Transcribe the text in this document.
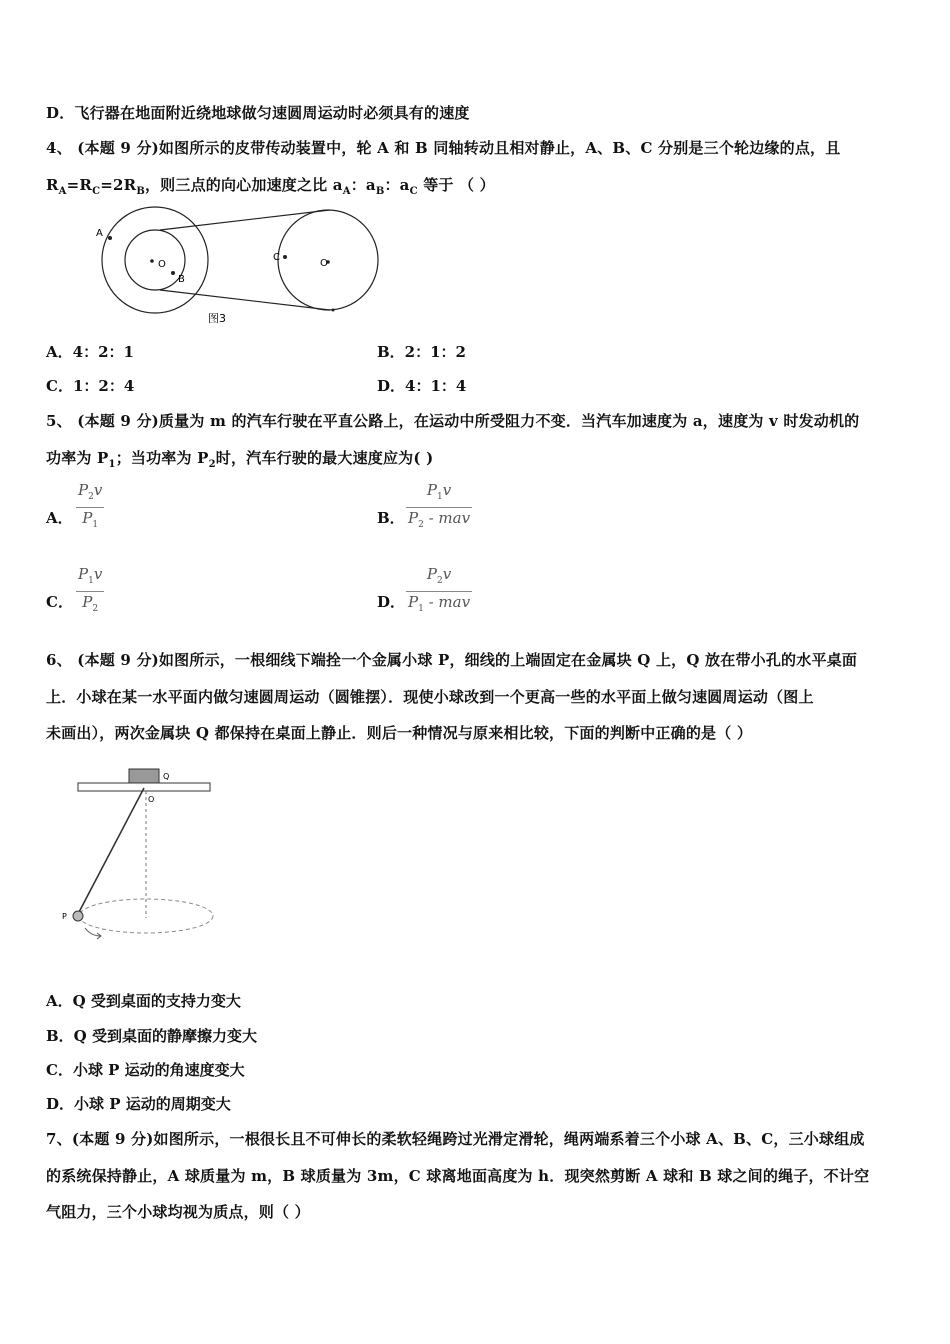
D．飞行器在地面附近绕地球做匀速圆周运动时必须具有的速度
4、 (本题 9 分)如图所示的皮带传动装置中，轮 A 和 B 同轴转动且相对静止，A、B、C 分别是三个轮边缘的点，且
$R_A=R_C=2R_B$，则三点的向心加速度之比 $a_A$：$a_B$：$a_C$ 等于 （ ）
A
O
B
C
O
图3
A．4：2：1	B．2：1：2
C．1：2：4	D．4：1：4
5、 (本题 9 分)质量为 m 的汽车行驶在平直公路上，在运动中所受阻力不变．当汽车加速度为 a，速度为 v 时发动机的
功率为 $P_1$；当功率为 $P_2$时，汽车行驶的最大速度应为( )
A． $\frac{P_2v}{P_1}$	B．
$P_1v$
$P_2$ - mav
C． $\frac{P_1v}{P_2}$	D．
$P_2v$
$P_1$ - mav
6、 (本题 9 分)如图所示，一根细线下端拴一个金属小球 P，细线的上端固定在金属块 Q 上，Q 放在带小孔的水平桌面
上．小球在某一水平面内做匀速圆周运动（圆锥摆）．现使小球改到一个更高一些的水平面上做匀速圆周运动（图上
未画出），两次金属块 Q 都保持在桌面上静止．则后一种情况与原来相比较，下面的判断中正确的是（ ）
Q
O
P
A．Q 受到桌面的支持力变大
B．Q 受到桌面的静摩擦力变大
C．小球 P 运动的角速度变大
D．小球 P 运动的周期变大
7、(本题 9 分)如图所示，一根很长且不可伸长的柔软轻绳跨过光滑定滑轮，绳两端系着三个小球 A、B、C，三小球组成
的系统保持静止，A 球质量为 m，B 球质量为 3m，C 球离地面高度为 h．现突然剪断 A 球和 B 球之间的绳子，不计空
气阻力，三个小球均视为质点，则（ ）
